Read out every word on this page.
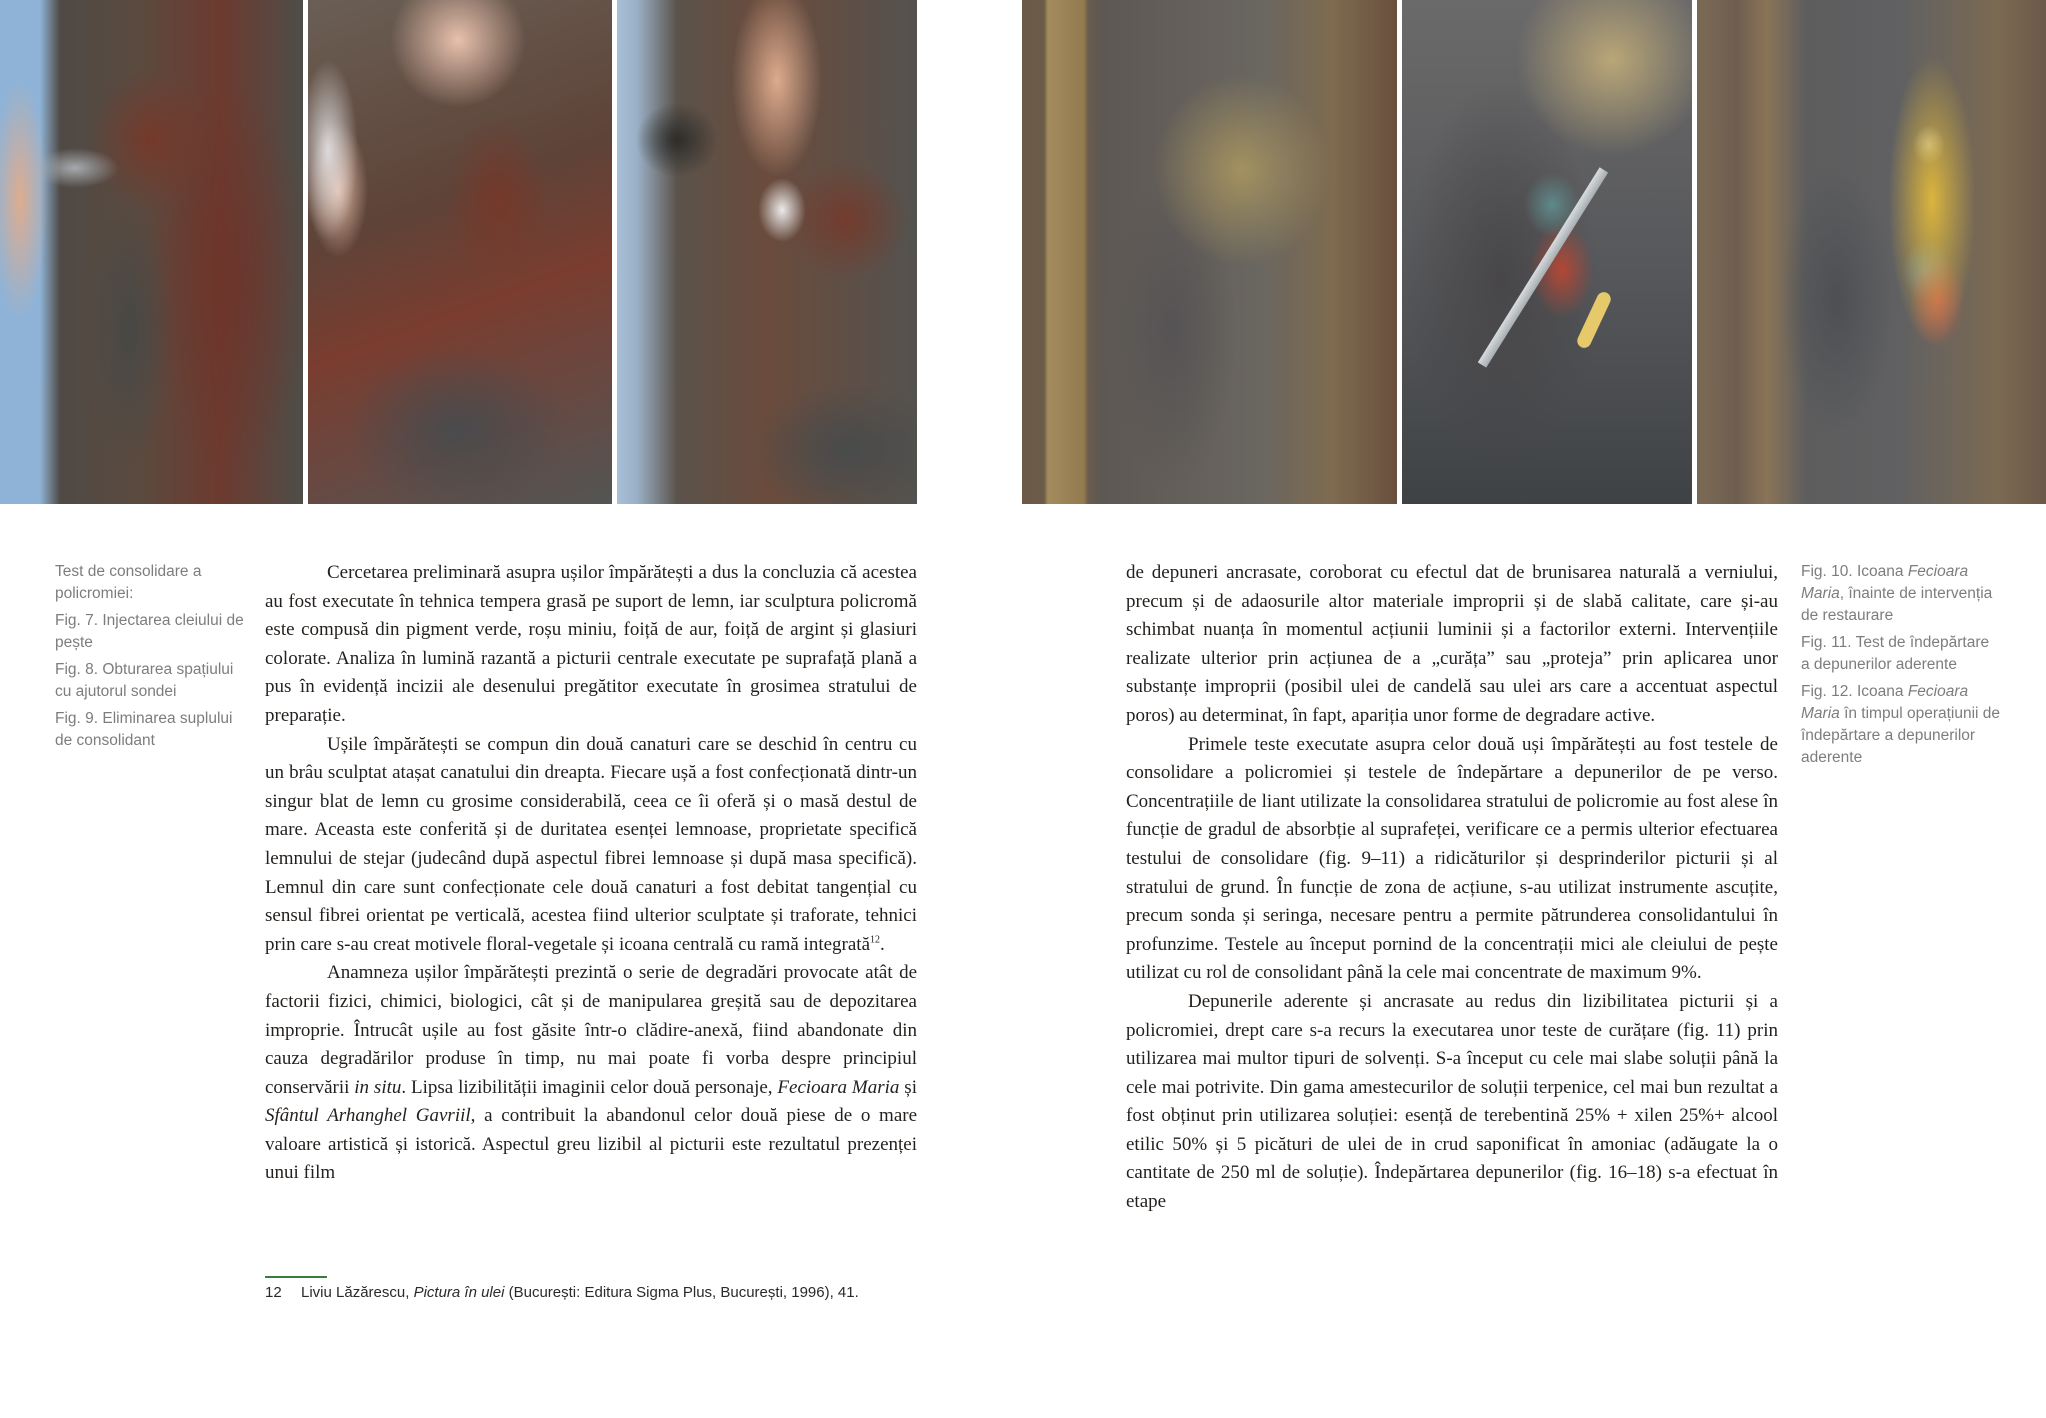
Test de consolidare a policromiei:

Fig. 7. Injectarea cleiului de pește

Fig. 8. Obturarea spațiului cu ajutorul sondei

Fig. 9. Eliminarea suplului de consolidant

Cercetarea preliminară asupra ușilor împărătești a dus la concluzia că acestea au fost executate în tehnica tempera grasă pe suport de lemn, iar sculptura policromă este compusă din pigment verde, roșu miniu, foiță de aur, foiță de argint și glasiuri colorate. Analiza în lumină razantă a picturii centrale executate pe suprafață plană a pus în evidență incizii ale desenului pregătitor executate în grosimea stratului de preparație.

Ușile împărătești se compun din două canaturi care se deschid în centru cu un brâu sculptat atașat canatului din dreapta. Fiecare ușă a fost confecționată dintr-un singur blat de lemn cu grosime considerabilă, ceea ce îi oferă și o masă destul de mare. Aceasta este conferită și de duritatea esenței lemnoase, proprietate specifică lemnului de stejar (judecând după aspectul fibrei lemnoase și după masa specifică). Lemnul din care sunt confecționate cele două canaturi a fost debitat tangențial cu sensul fibrei orientat pe verticală, acestea fiind ulterior sculptate și traforate, tehnici prin care s-au creat motivele floral-vegetale și icoana centrală cu ramă integrată$^{12}$.

Anamneza ușilor împărătești prezintă o serie de degradări provocate atât de factorii fizici, chimici, biologici, cât și de manipularea greșită sau de depozitarea improprie. Întrucât ușile au fost găsite într-o clădire-anexă, fiind abandonate din cauza degradărilor produse în timp, nu mai poate fi vorba despre principiul conservării in situ. Lipsa lizibilității imaginii celor două personaje, Fecioara Maria și Sfântul Arhanghel Gavriil, a contribuit la abandonul celor două piese de o mare valoare artistică și istorică. Aspectul greu lizibil al picturii este rezultatul prezenței unui film

12 Liviu Lăzărescu, Pictura în ulei (București: Editura Sigma Plus, București, 1996), 41.

de depuneri ancrasate, coroborat cu efectul dat de brunisarea naturală a verniului, precum și de adaosurile altor materiale improprii și de slabă calitate, care și-au schimbat nuanța în momentul acțiunii luminii și a factorilor externi. Intervențiile realizate ulterior prin acțiunea de a „curăța” sau „proteja” prin aplicarea unor substanțe improprii (posibil ulei de candelă sau ulei ars care a accentuat aspectul poros) au determinat, în fapt, apariția unor forme de degradare active.

Primele teste executate asupra celor două uși împărătești au fost testele de consolidare a policromiei și testele de îndepărtare a depunerilor de pe verso. Concentrațiile de liant utilizate la consolidarea stratului de policromie au fost alese în funcție de gradul de absorbție al suprafeței, verificare ce a permis ulterior efectuarea testului de consolidare (fig. 9–11) a ridicăturilor și desprinderilor picturii și al stratului de grund. În funcție de zona de acțiune, s-au utilizat instrumente ascuțite, precum sonda și seringa, necesare pentru a permite pătrunderea consolidantului în profunzime. Testele au început pornind de la concentrații mici ale cleiului de pește utilizat cu rol de consolidant până la cele mai concentrate de maximum 9%.

Depunerile aderente și ancrasate au redus din lizibilitatea picturii și a policromiei, drept care s-a recurs la executarea unor teste de curățare (fig. 11) prin utilizarea mai multor tipuri de solvenți. S-a început cu cele mai slabe soluții până la cele mai potrivite. Din gama amestecurilor de soluții terpenice, cel mai bun rezultat a fost obținut prin utilizarea soluției: esență de terebentină 25% + xilen 25%+ alcool etilic 50% și 5 picături de ulei de in crud saponificat în amoniac (adăugate la o cantitate de 250 ml de soluție). Îndepărtarea depunerilor (fig. 16–18) s-a efectuat în etape

Fig. 10. Icoana Fecioara Maria, înainte de intervenția de restaurare

Fig. 11. Test de îndepărtare a depunerilor aderente

Fig. 12. Icoana Fecioara Maria în timpul operațiunii de îndepărtare a depunerilor aderente
